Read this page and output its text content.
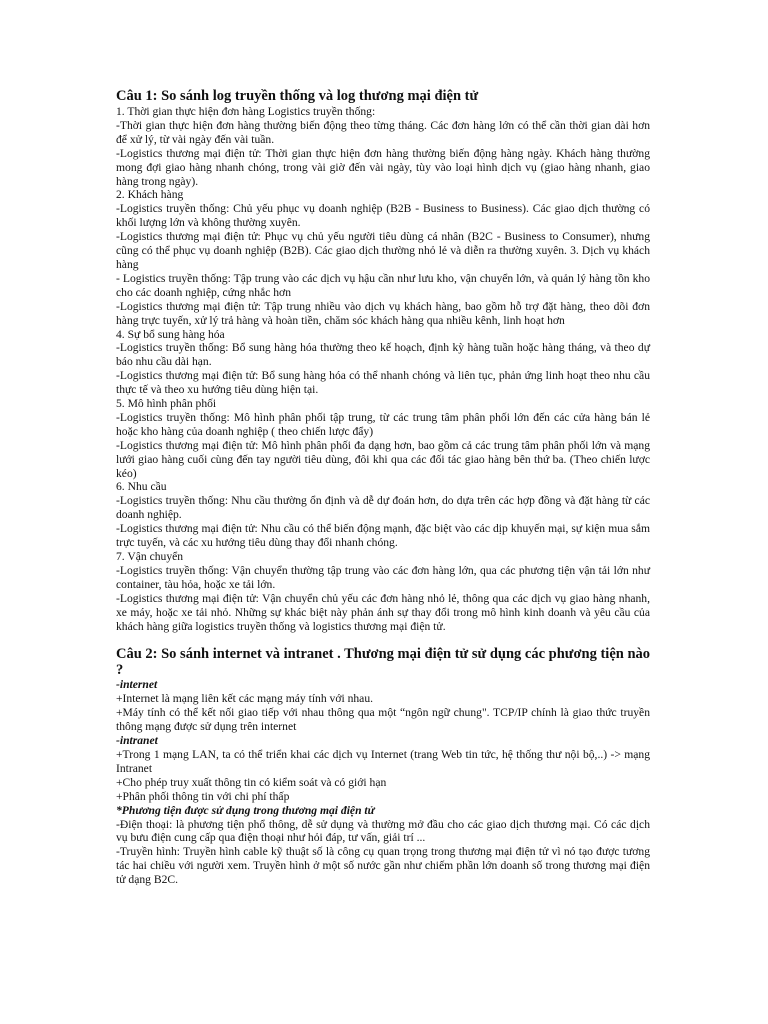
Câu 1: So sánh log truyền thống và log thương mại điện tử

1. Thời gian thực hiện đơn hàng Logistics truyền thống:

-Thời gian thực hiện đơn hàng thường biến động theo từng tháng. Các đơn hàng lớn có thể cần thời gian dài hơn để xử lý, từ vài ngày đến vài tuần.

-Logistics thương mại điện tử: Thời gian thực hiện đơn hàng thường biến động hàng ngày. Khách hàng thường mong đợi giao hàng nhanh chóng, trong vài giờ đến vài ngày, tùy vào loại hình dịch vụ (giao hàng nhanh, giao hàng trong ngày).

2. Khách hàng

-Logistics truyền thống: Chủ yếu phục vụ doanh nghiệp (B2B - Business to Business). Các giao dịch thường có khối lượng lớn và không thường xuyên.

-Logistics thương mại điện tử: Phục vụ chủ yếu người tiêu dùng cá nhân (B2C - Business to Consumer), nhưng cũng có thể phục vụ doanh nghiệp (B2B). Các giao dịch thường nhỏ lẻ và diễn ra thường xuyên. 3. Dịch vụ khách hàng

- Logistics truyền thống: Tập trung vào các dịch vụ hậu cần như lưu kho, vận chuyển lớn, và quản lý hàng tồn kho cho các doanh nghiệp, cứng nhắc hơn

-Logistics thương mại điện tử: Tập trung nhiều vào dịch vụ khách hàng, bao gồm hỗ trợ đặt hàng, theo dõi đơn hàng trực tuyến, xử lý trả hàng và hoàn tiền, chăm sóc khách hàng qua nhiều kênh, linh hoạt hơn

4. Sự bổ sung hàng hóa

-Logistics truyền thống: Bổ sung hàng hóa thường theo kế hoạch, định kỳ hàng tuần hoặc hàng tháng, và theo dự báo nhu cầu dài hạn.

-Logistics thương mại điện tử: Bổ sung hàng hóa có thể nhanh chóng và liên tục, phản ứng linh hoạt theo nhu cầu thực tế và theo xu hướng tiêu dùng hiện tại.

5. Mô hình phân phối

-Logistics truyền thống: Mô hình phân phối tập trung, từ các trung tâm phân phối lớn đến các cửa hàng bán lẻ hoặc kho hàng của doanh nghiệp ( theo chiến lược đẩy)

-Logistics thương mại điện tử: Mô hình phân phối đa dạng hơn, bao gồm cả các trung tâm phân phối lớn và mạng lưới giao hàng cuối cùng đến tay người tiêu dùng, đôi khi qua các đối tác giao hàng bên thứ ba. (Theo chiến lược kéo)

6. Nhu cầu

-Logistics truyền thống: Nhu cầu thường ổn định và dễ dự đoán hơn, do dựa trên các hợp đồng và đặt hàng từ các doanh nghiệp.

-Logistics thương mại điện tử: Nhu cầu có thể biến động mạnh, đặc biệt vào các dịp khuyến mại, sự kiện mua sắm trực tuyến, và các xu hướng tiêu dùng thay đổi nhanh chóng.

7. Vận chuyển

-Logistics truyền thống: Vận chuyển thường tập trung vào các đơn hàng lớn, qua các phương tiện vận tải lớn như container, tàu hỏa, hoặc xe tải lớn.

-Logistics thương mại điện tử: Vận chuyển chủ yếu các đơn hàng nhỏ lẻ, thông qua các dịch vụ giao hàng nhanh, xe máy, hoặc xe tải nhỏ. Những sự khác biệt này phản ánh sự thay đổi trong mô hình kinh doanh và yêu cầu của khách hàng giữa logistics truyền thống và logistics thương mại điện tử.

Câu 2: So sánh internet và intranet . Thương mại điện tử sử dụng các phương tiện nào ?

-internet

+Internet là mạng liên kết các mạng máy tính với nhau.

+Máy tính có thể kết nối giao tiếp với nhau thông qua một “ngôn ngữ chung". TCP/IP chính là giao thức truyền thông mạng được sử dụng trên internet

-intranet

+Trong 1 mạng LAN, ta có thể triển khai các dịch vụ Internet (trang Web tin tức, hệ thống thư nội bộ,..) -> mạng Intranet

+Cho phép truy xuất thông tin có kiểm soát và có giới hạn

+Phân phối thông tin với chi phí thấp

*Phương tiện được sử dụng trong thương mại điện tử

-Điện thoại: là phương tiện phổ thông, dễ sử dụng và thường mở đầu cho các giao dịch thương mại. Có các dịch vụ bưu điện cung cấp qua điện thoại như hỏi đáp, tư vấn, giải trí ...

-Truyền hình: Truyền hình cable kỹ thuật số là công cụ quan trọng trong thương mại điện tử vì nó tạo được tương tác hai chiều với người xem. Truyền hình ở một số nước gần như chiếm phần lớn doanh số trong thương mại điện tử dạng B2C.
